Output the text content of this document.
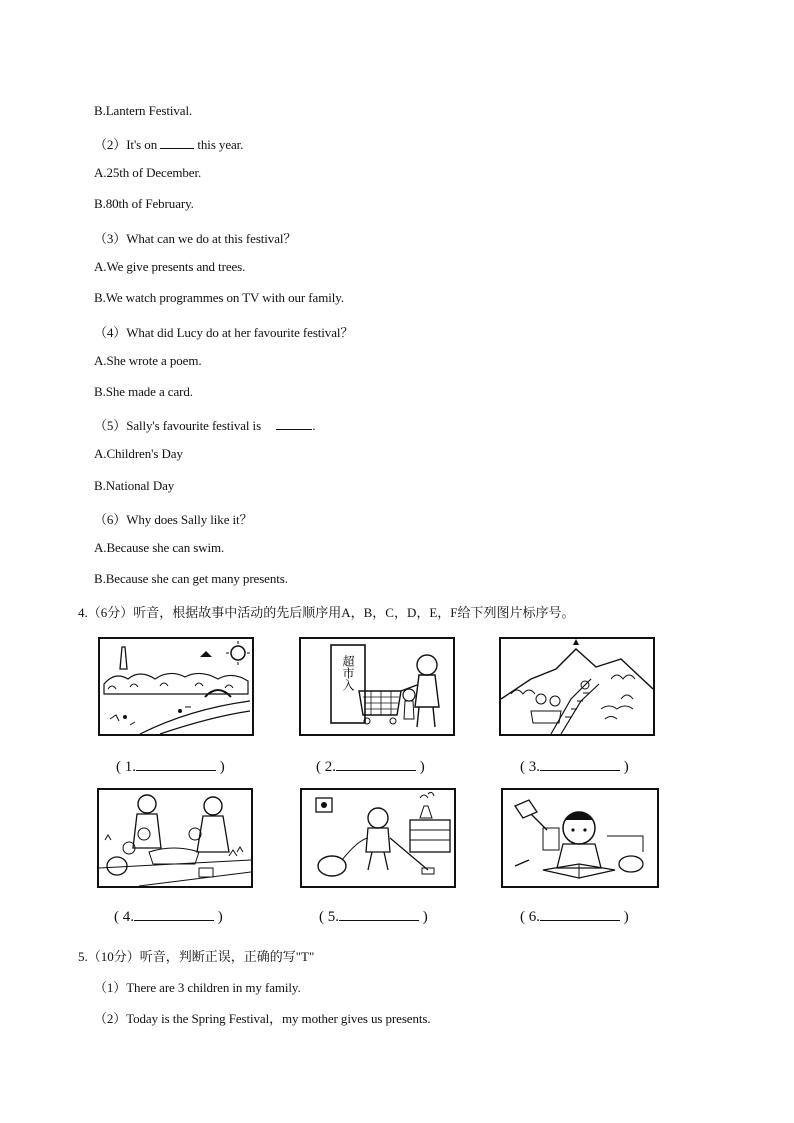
B.Lantern Festival.
（2）It's on	this year.
A.25th of December.
B.80th of February.
（3）What can we do at this festival？
A.We give presents and trees.
B.We watch programmes on TV with our family.
（4）What did Lucy do at her favourite festival？
A.She wrote a poem.
B.She made a card.
（5）Sally's favourite festival is	.
A.Children's Day
B.National Day
（6）Why does Sally like it？
A.Because she can swim.
B.Because she can get many presents.
4.（6分）听音，根据故事中活动的先后顺序用A，B，C，D，E，F给下列图片标序号。
( 1.	)
超市入
( 2.	)	( 3.	)
( 4.	)	( 5.	)	( 6.	)
5.（10分）听音，判断正误，正确的写"T"
（1）There are 3 children in my family.
（2）Today is the Spring Festival，my mother gives us presents.
